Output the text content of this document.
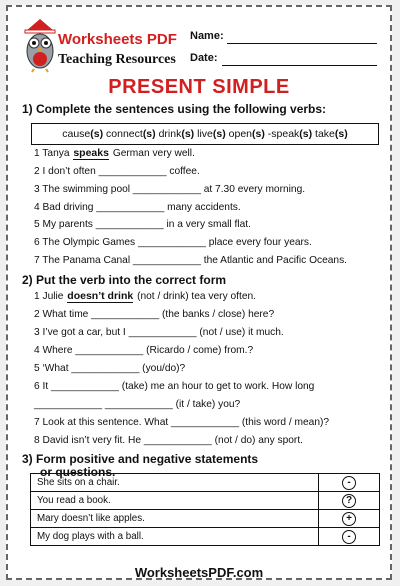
Worksheets PDF
Teaching Resources
Name:
Date:
PRESENT SIMPLE
1) Complete the sentences using the following verbs:
cause(s) connect(s) drink(s) live(s) open(s) -speak(s) take(s)
1 Tanya speaks German very well.
2 I don’t often ____________ coffee.
3 The swimming pool ____________ at 7.30 every morning.
4 Bad driving ____________ many accidents.
5 My parents ____________ in a very small flat.
6 The Olympic Games ____________ place every four years.
7 The Panama Canal ____________ the Atlantic and Pacific Oceans.
2) Put the verb into the correct form
1 Julie doesn’t drink (not / drink) tea very often.
2 What time ____________ (the banks / close) here?
3 I’ve got a car, but I ____________ (not / use) it much.
4 Where ____________ (Ricardo / come) from.?
5 ‘What ____________ (you/do)?
6 It ____________ (take) me an hour to get to work. How long
____________ ____________ (it / take) you?
7 Look at this sentence. What ____________ (this word / mean)?
8 David isn’t very fit. He ____________ (not / do) any sport.
3) Form positive and negative statements
or questions.
She sits on a chair.	-
You read a book.	?
Mary doesn’t like apples.	+
My dog plays with a ball.	-
WorksheetsPDF.com
